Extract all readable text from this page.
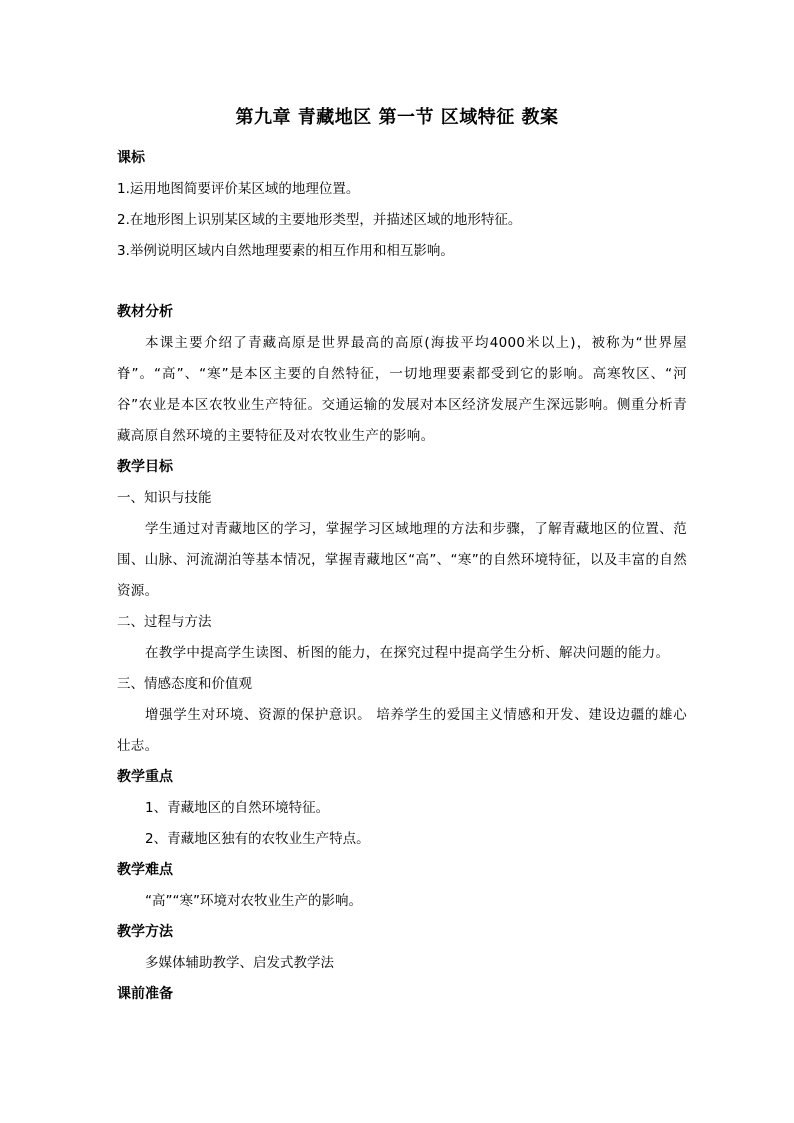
第九章 青藏地区 第一节 区域特征 教案
课标
1.运用地图简要评价某区域的地理位置。
2.在地形图上识别某区域的主要地形类型，并描述区域的地形特征。
3.举例说明区域内自然地理要素的相互作用和相互影响。
教材分析
本课主要介绍了青藏高原是世界最高的高原(海拔平均4000米以上)，被称为“世界屋脊”。“高”、“寒”是本区主要的自然特征，一切地理要素都受到它的影响。高寒牧区、“河谷”农业是本区农牧业生产特征。交通运输的发展对本区经济发展产生深远影响。侧重分析青藏高原自然环境的主要特征及对农牧业生产的影响。
教学目标
一、知识与技能
学生通过对青藏地区的学习，掌握学习区域地理的方法和步骤，了解青藏地区的位置、范围、山脉、河流湖泊等基本情况，掌握青藏地区“高”、“寒”的自然环境特征，以及丰富的自然资源。
二、过程与方法
在教学中提高学生读图、析图的能力，在探究过程中提高学生分析、解决问题的能力。
三、情感态度和价值观
增强学生对环境、资源的保护意识。 培养学生的爱国主义情感和开发、建设边疆的雄心壮志。
教学重点
1、青藏地区的自然环境特征。
2、青藏地区独有的农牧业生产特点。
教学难点
“高”“寒”环境对农牧业生产的影响。
教学方法
多媒体辅助教学、启发式教学法
课前准备
